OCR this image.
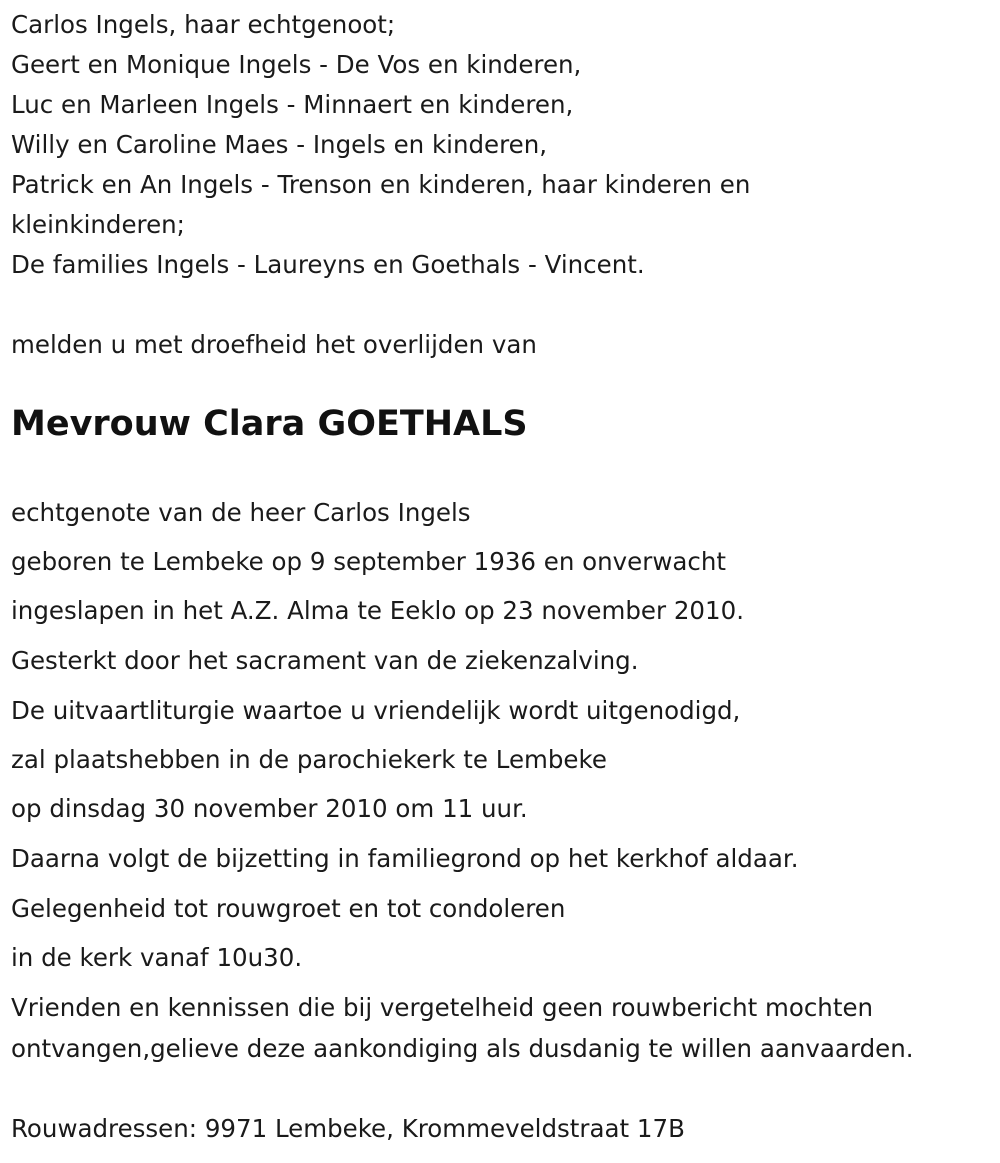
Carlos Ingels, haar echtgenoot;
Geert en Monique Ingels - De Vos en kinderen,
Luc en Marleen Ingels - Minnaert en kinderen,
Willy en Caroline Maes - Ingels en kinderen,
Patrick en An Ingels - Trenson en kinderen, haar kinderen en
kleinkinderen;
De families Ingels - Laureyns en Goethals - Vincent.
melden u met droefheid het overlijden van
Mevrouw Clara GOETHALS
echtgenote van de heer Carlos Ingels
geboren te Lembeke op 9 september 1936 en onverwacht
ingeslapen in het A.Z. Alma te Eeklo op 23 november 2010.
Gesterkt door het sacrament van de ziekenzalving.
De uitvaartliturgie waartoe u vriendelijk wordt uitgenodigd,
zal plaatshebben in de parochiekerk te Lembeke
op dinsdag 30 november 2010 om 11 uur.
Daarna volgt de bijzetting in familiegrond op het kerkhof aldaar.
Gelegenheid tot rouwgroet en tot condoleren
in de kerk vanaf 10u30.
Vrienden en kennissen die bij vergetelheid geen rouwbericht mochten
ontvangen,gelieve deze aankondiging als dusdanig te willen aanvaarden.
Rouwadressen: 9971 Lembeke, Krommeveldstraat 17B
